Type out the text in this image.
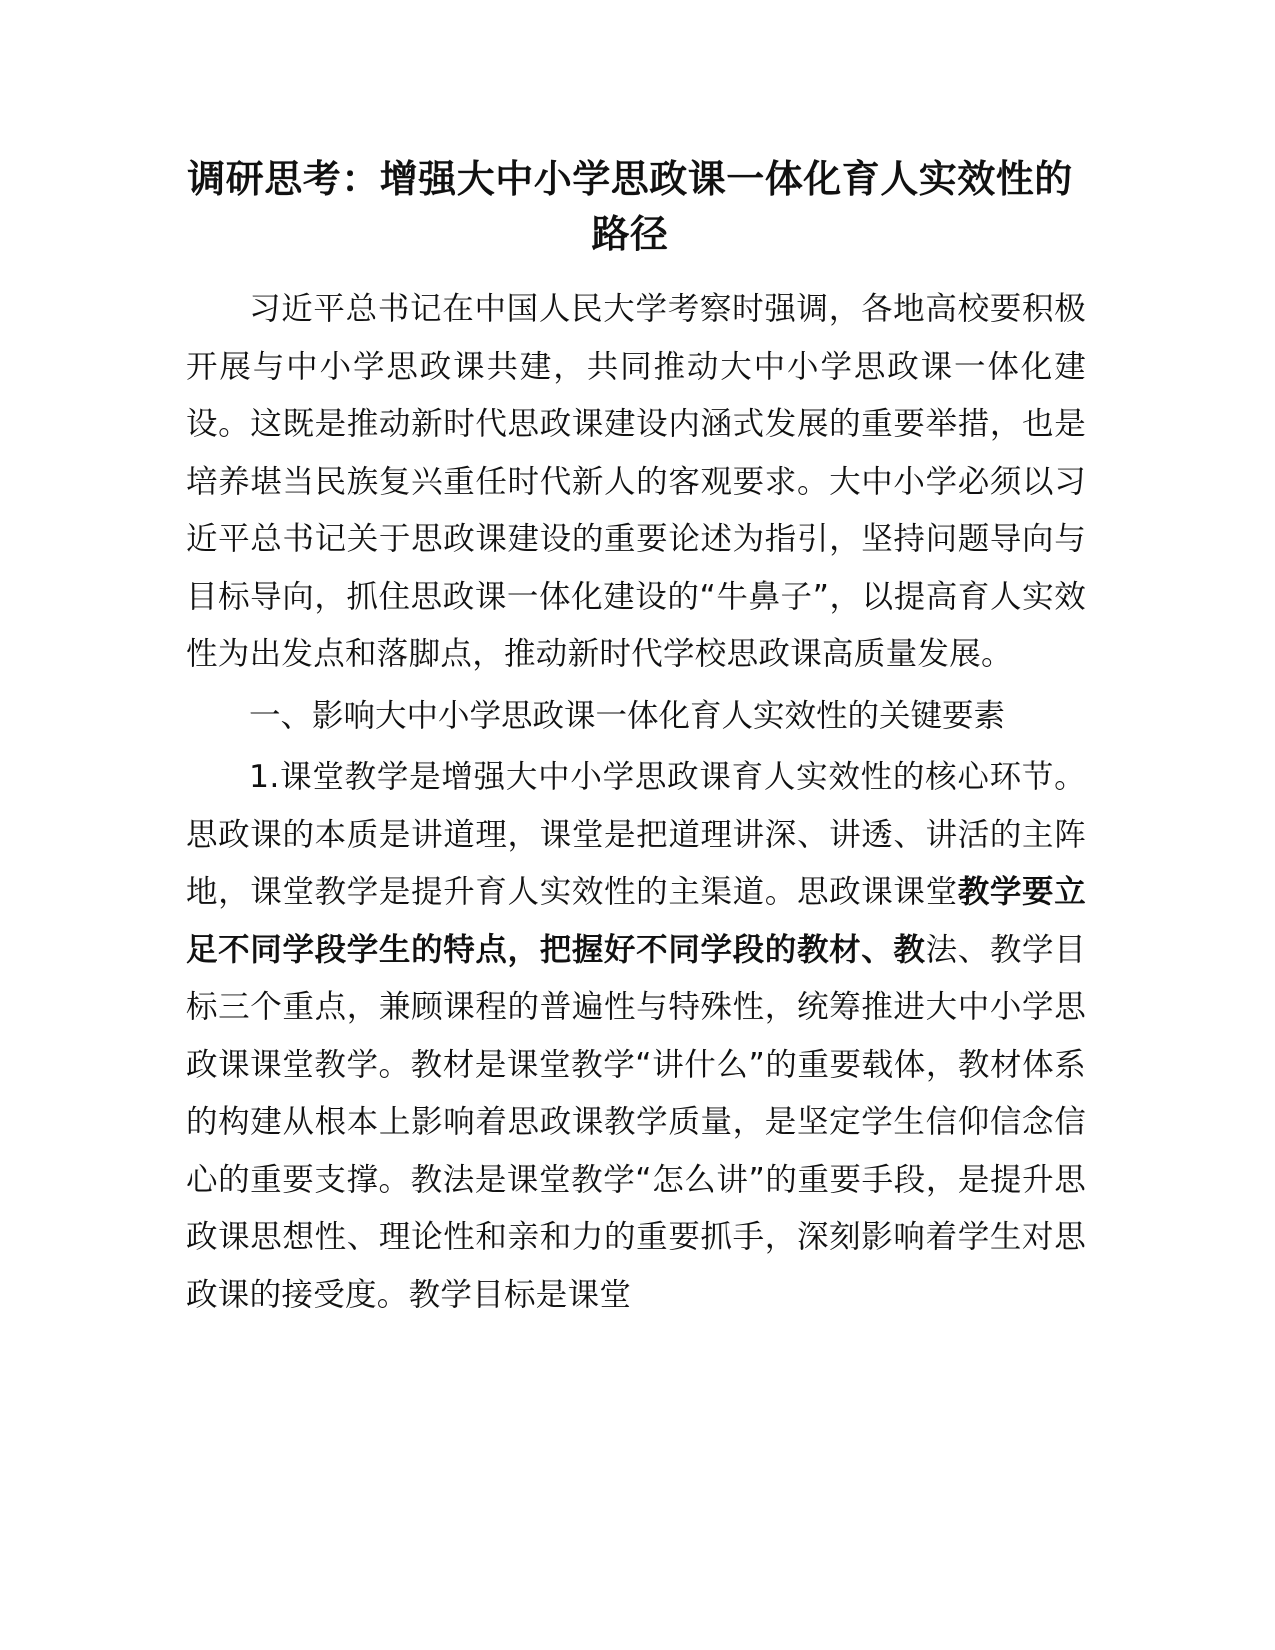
调研思考：增强大中小学思政课一体化育人实效性的路径

习近平总书记在中国人民大学考察时强调，各地高校要积极开展与中小学思政课共建，共同推动大中小学思政课一体化建设。这既是推动新时代思政课建设内涵式发展的重要举措，也是培养堪当民族复兴重任时代新人的客观要求。大中小学必须以习近平总书记关于思政课建设的重要论述为指引，坚持问题导向与目标导向，抓住思政课一体化建设的“牛鼻子”，以提高育人实效性为出发点和落脚点，推动新时代学校思政课高质量发展。

一、影响大中小学思政课一体化育人实效性的关键要素

1.课堂教学是增强大中小学思政课育人实效性的核心环节。思政课的本质是讲道理，课堂是把道理讲深、讲透、讲活的主阵地，课堂教学是提升育人实效性的主渠道。思政课课堂教学要立足不同学段学生的特点，把握好不同学段的教材、教法、教学目标三个重点，兼顾课程的普遍性与特殊性，统筹推进大中小学思政课课堂教学。教材是课堂教学“讲什么”的重要载体，教材体系的构建从根本上影响着思政课教学质量，是坚定学生信仰信念信心的重要支撑。教法是课堂教学“怎么讲”的重要手段，是提升思政课思想性、理论性和亲和力的重要抓手，深刻影响着学生对思政课的接受度。教学目标是课堂
